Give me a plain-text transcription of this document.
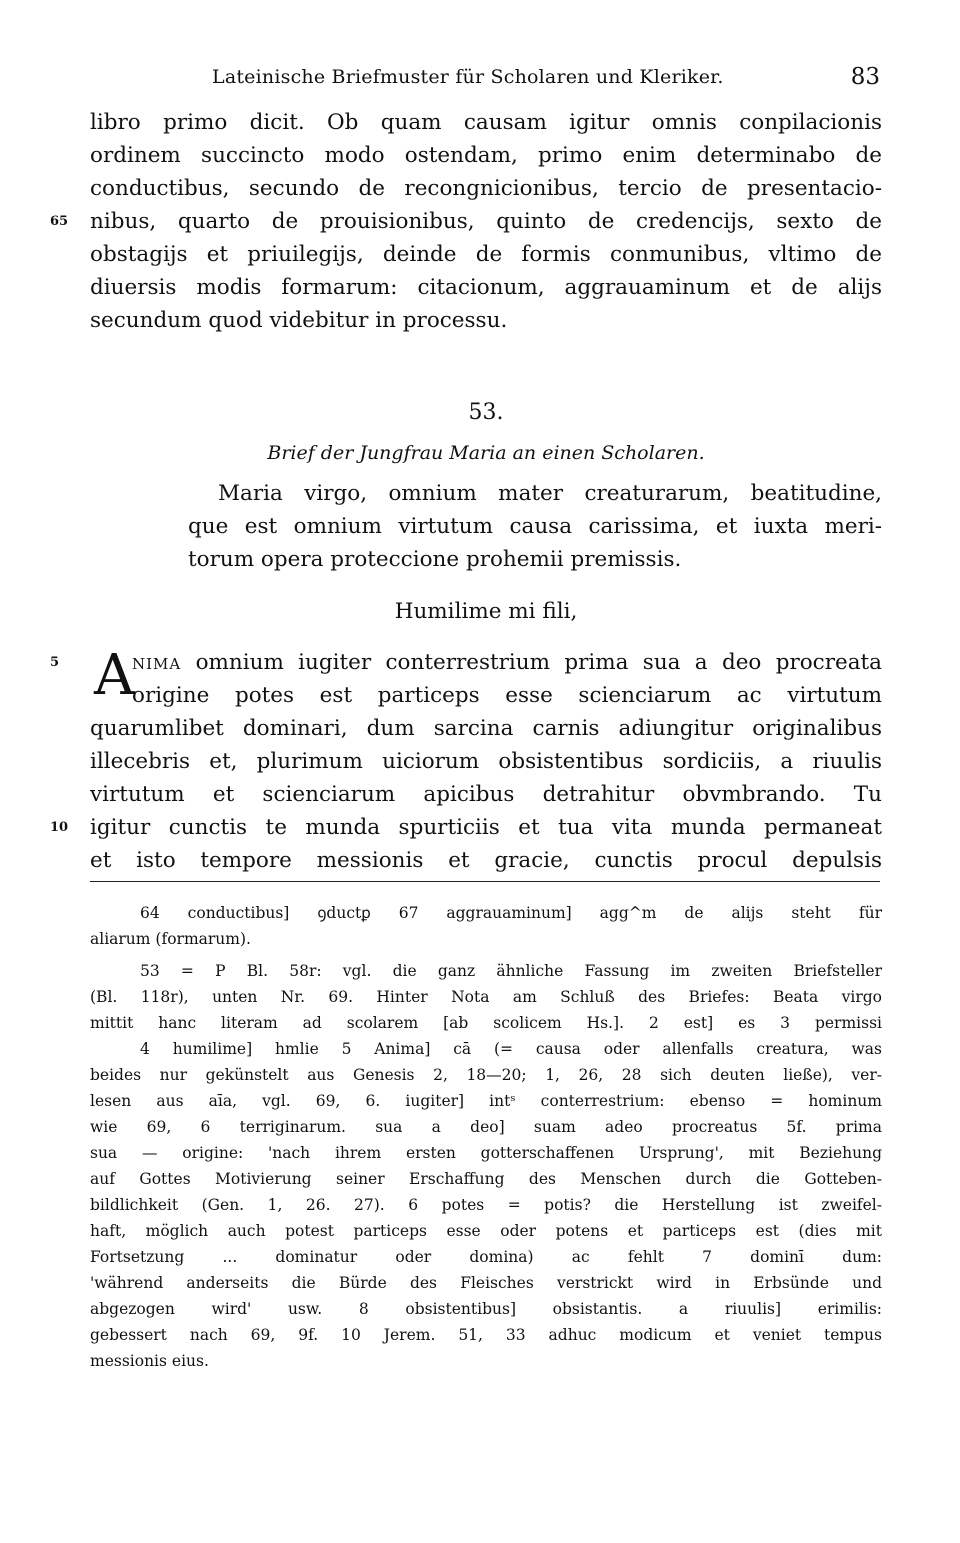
Lateinische Briefmuster für Scholaren und Kleriker.	83
libro primo dicit. Ob quam causam igitur omnis conpilacionis
ordinem succincto modo ostendam, primo enim determinabo de
conductibus, secundo de recongnicionibus, tercio de presentacio-
65	nibus, quarto de prouisionibus, quinto de credencijs, sexto de
obstagijs et priuilegijs, deinde de formis conmunibus, vltimo de
diuersis modis formarum: citacionum, aggrauaminum et de alijs
secundum quod videbitur in processu.
53.
Brief der Jungfrau Maria an einen Scholaren.
Maria virgo, omnium mater creaturarum, beatitudine,
que est omnium virtutum causa carissima, et iuxta meri-
torum opera proteccione prohemii premissis.
Humilime mi fili,
5 A
NIMA omnium iugiter conterrestrium prima sua a deo procreata
origine potes est particeps esse scienciarum ac virtutum
quarumlibet dominari, dum sarcina carnis adiungitur originalibus
illecebris et, plurimum uiciorum obsistentibus sordiciis, a riuulis
virtutum et scienciarum apicibus detrahitur obvmbrando. Tu
10	igitur cunctis te munda spurticiis et tua vita munda permaneat
et isto tempore messionis et gracie, cunctis procul depulsis
64 conductibus] ꝯductꝑ 67 aggrauaminum] agg^m de alijs steht für
aliarum (formarum).
53 = P Bl. 58r: vgl. die ganz ähnliche Fassung im zweiten Briefsteller
(Bl. 118r), unten Nr. 69. Hinter Nota am Schluß des Briefes: Beata virgo
mittit hanc literam ad scolarem [ab scolicem Hs.]. 2 est] es 3 permissi
4 humilime] hmlie 5 Anima] cā (= causa oder allenfalls creatura, was
beides nur gekünstelt aus Genesis 2, 18—20; 1, 26, 28 sich deuten ließe), ver-
lesen aus aīa, vgl. 69, 6. iugiter] intˢ conterrestrium: ebenso = hominum
wie 69, 6 terriginarum. sua a deo] suam adeo procreatus 5f. prima
sua — origine: 'nach ihrem ersten gotterschaffenen Ursprung', mit Beziehung
auf Gottes Motivierung seiner Erschaffung des Menschen durch die Gotteben-
bildlichkeit (Gen. 1, 26. 27). 6 potes = potis? die Herstellung ist zweifel-
haft, möglich auch potest particeps esse oder potens et particeps est (dies mit
Fortsetzung ... dominatur oder domina) ac fehlt 7 dominī dum:
'während anderseits die Bürde des Fleisches verstrickt wird in Erbsünde und
abgezogen wird' usw. 8 obsistentibus] obsistantis. a riuulis] erimilis:
gebessert nach 69, 9f. 10 Jerem. 51, 33 adhuc modicum et veniet tempus
messionis eius.
